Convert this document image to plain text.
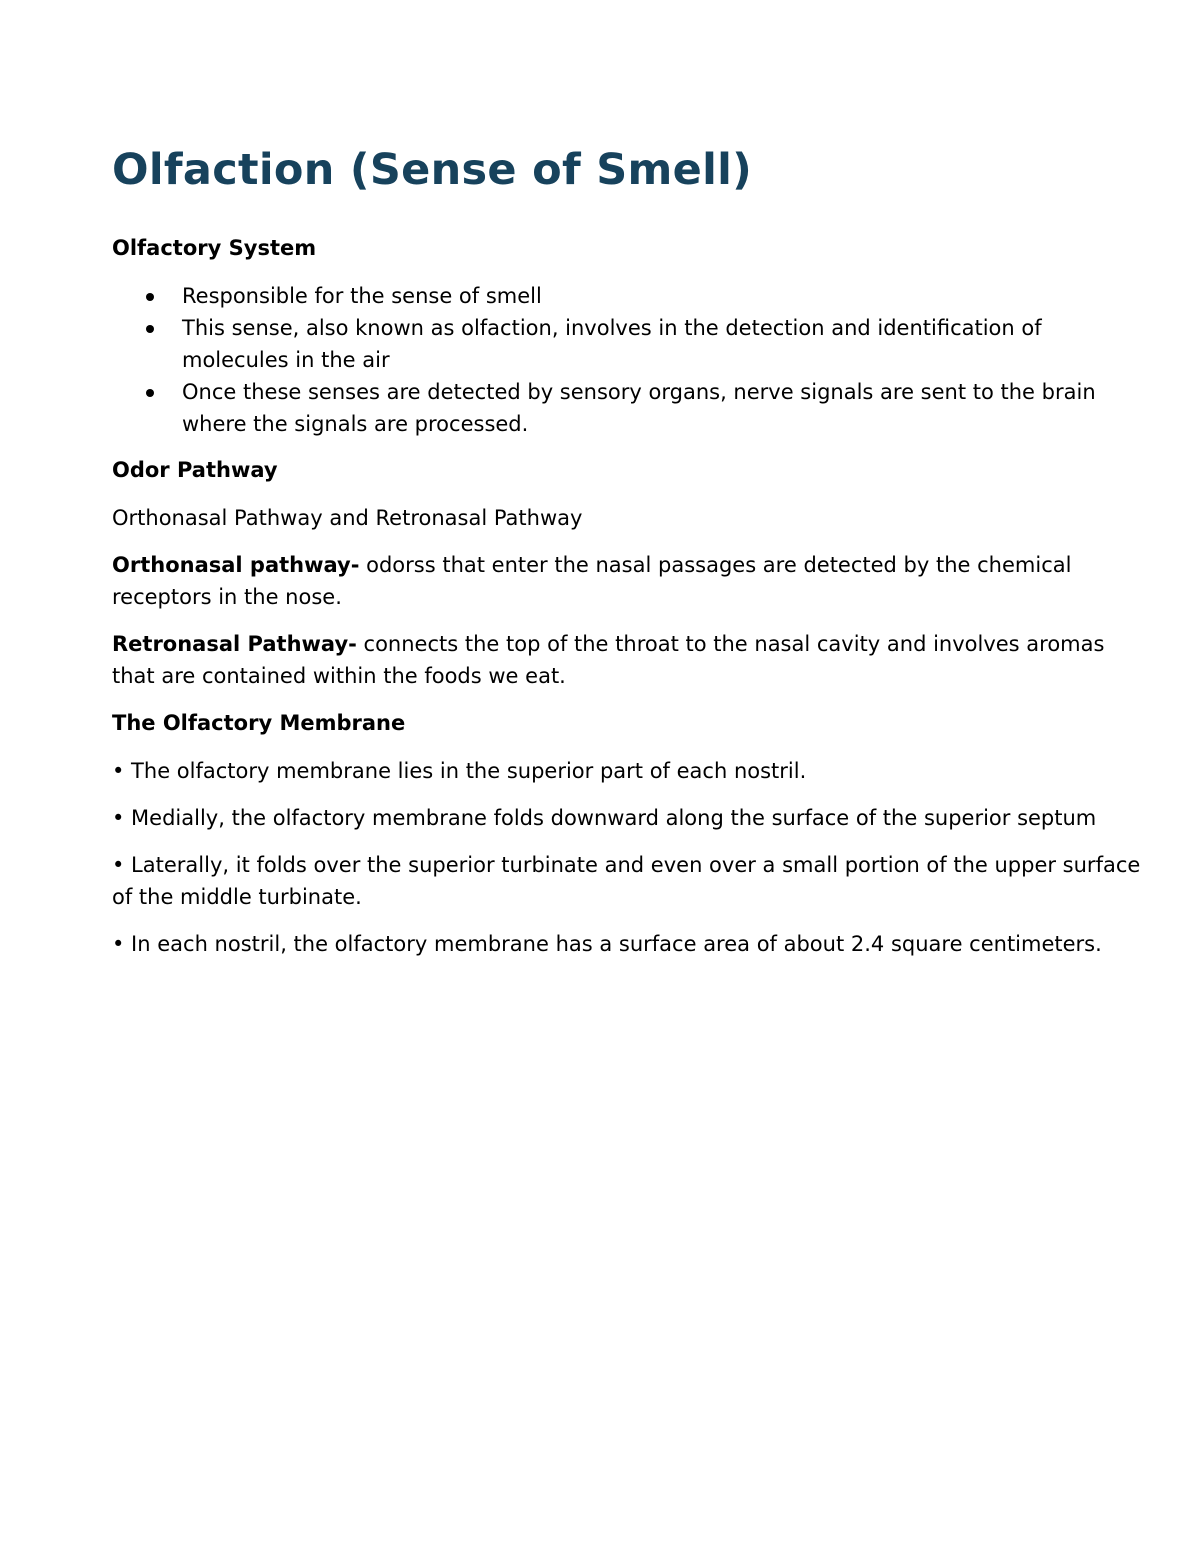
Olfaction (Sense of Smell)
Olfactory System
Responsible for the sense of smell
This sense, also known as olfaction, involves in the detection and identification of molecules in the air
Once these senses are detected by sensory organs, nerve signals are sent to the brain where the signals are processed.
Odor Pathway

Orthonasal Pathway and Retronasal Pathway

Orthonasal pathway- odorss that enter the nasal passages are detected by the chemical receptors in the nose.

Retronasal Pathway- connects the top of the throat to the nasal cavity and involves aromas that are contained within the foods we eat.

The Olfactory Membrane

• The olfactory membrane lies in the superior part of each nostril.

• Medially, the olfactory membrane folds downward along the surface of the superior septum

• Laterally, it folds over the superior turbinate and even over a small portion of the upper surface of the middle turbinate.

• In each nostril, the olfactory membrane has a surface area of about 2.4 square centimeters.
